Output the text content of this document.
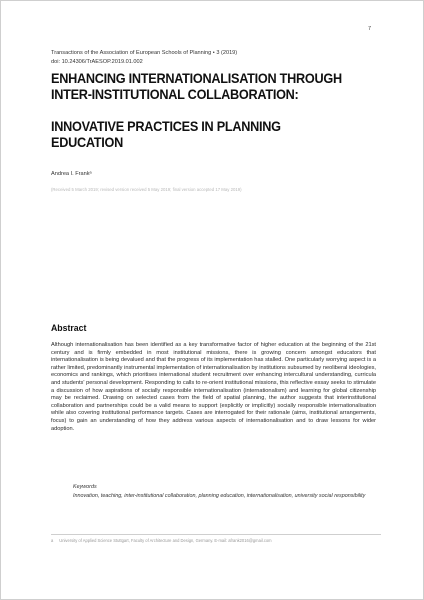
7
Transactions of the Association of European Schools of Planning • 3 (2019)
doi: 10.24306/TrAESOP.2019.01.002
ENHANCING INTERNATIONALISATION THROUGH
INTER-INSTITUTIONAL COLLABORATION:
INNOVATIVE PRACTICES IN PLANNING
EDUCATION
Andrea I. Frankᵃ
(Received 5 March 2019; revised version received 5 May 2019; final version accepted 17 May 2019)
Abstract
Although internationalisation has been identified as a key transformative factor of higher education at the beginning of the 21st century and is firmly embedded in most institutional missions, there is growing concern amongst educators that internationalisation is being devalued and that the progress of its implementation has stalled. One particularly worrying aspect is a rather limited, predominantly instrumental implementation of internationalisation by institutions subsumed by neoliberal ideologies, economics and rankings, which prioritises international student recruitment over enhancing intercultural understanding, curricula and students' personal development. Responding to calls to re-orient institutional missions, this reflective essay seeks to stimulate a discussion of how aspirations of socially responsible internationalisation (internationalism) and learning for global citizenship may be reclaimed. Drawing on selected cases from the field of spatial planning, the author suggests that interinstitutional collaboration and partnerships could be a valid means to support (explicitly or implicitly) socially responsible internationalisation while also covering institutional performance targets. Cases are interrogated for their rationale (aims, institutional arrangements, focus) to gain an understanding of how they address various aspects of internationalisation and to draw lessons for wider adoption.
Keywords
Innovation, teaching, inter-institutional collaboration, planning education, internationalisation, university social responsibility
a University of Applied Science Stuttgart, Faculty of Architecture and Design, Germany. E-mail: afrank2016@gmail.com
